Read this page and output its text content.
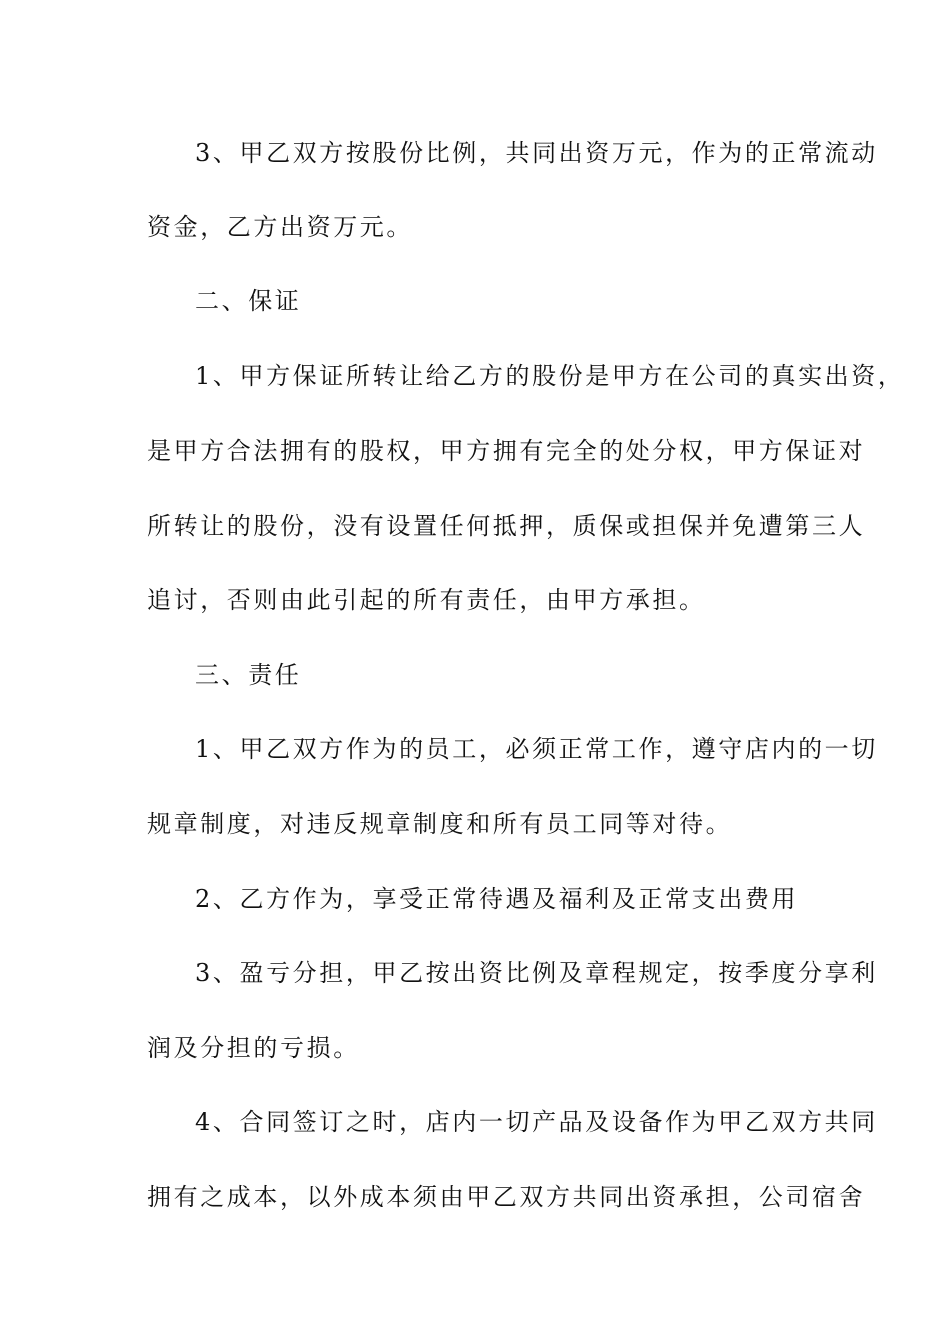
3、甲乙双方按股份比例，共同出资万元，作为的正常流动
资金，乙方出资万元。
二、保证
1、甲方保证所转让给乙方的股份是甲方在公司的真实出资，
是甲方合法拥有的股权，甲方拥有完全的处分权，甲方保证对
所转让的股份，没有设置任何抵押，质保或担保并免遭第三人
追讨，否则由此引起的所有责任，由甲方承担。
三、责任
1、甲乙双方作为的员工，必须正常工作，遵守店内的一切
规章制度，对违反规章制度和所有员工同等对待。
2、乙方作为，享受正常待遇及福利及正常支出费用
3、盈亏分担，甲乙按出资比例及章程规定，按季度分享利
润及分担的亏损。
4、合同签订之时，店内一切产品及设备作为甲乙双方共同
拥有之成本，以外成本须由甲乙双方共同出资承担，公司宿舍
